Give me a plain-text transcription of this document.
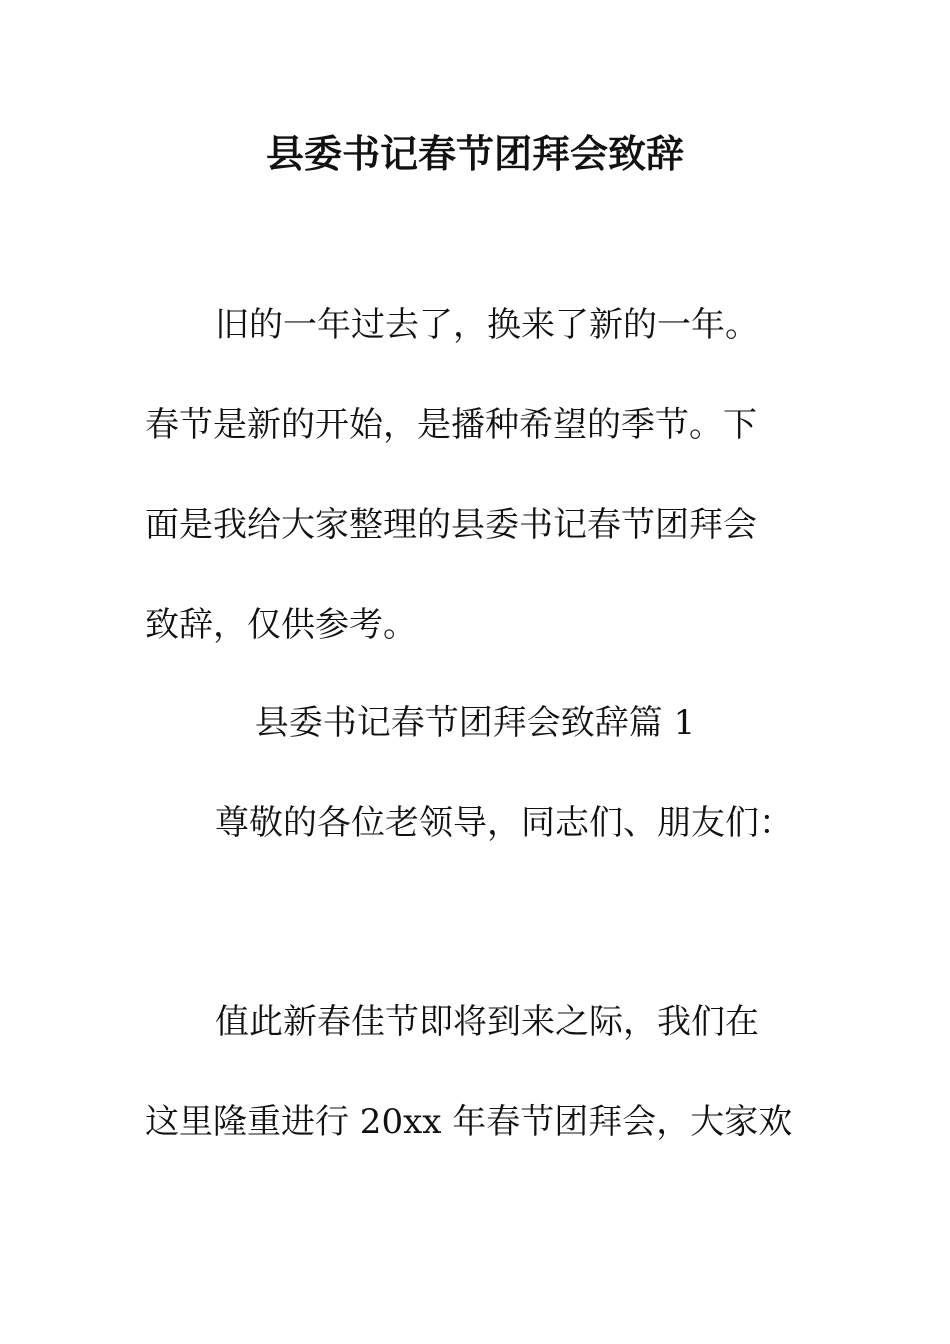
县委书记春节团拜会致辞
旧的一年过去了，换来了新的一年。
春节是新的开始，是播种希望的季节。下
面是我给大家整理的县委书记春节团拜会
致辞，仅供参考。
县委书记春节团拜会致辞篇 1
尊敬的各位老领导，同志们、朋友们：
值此新春佳节即将到来之际，我们在
这里隆重进行 20xx 年春节团拜会，大家欢
